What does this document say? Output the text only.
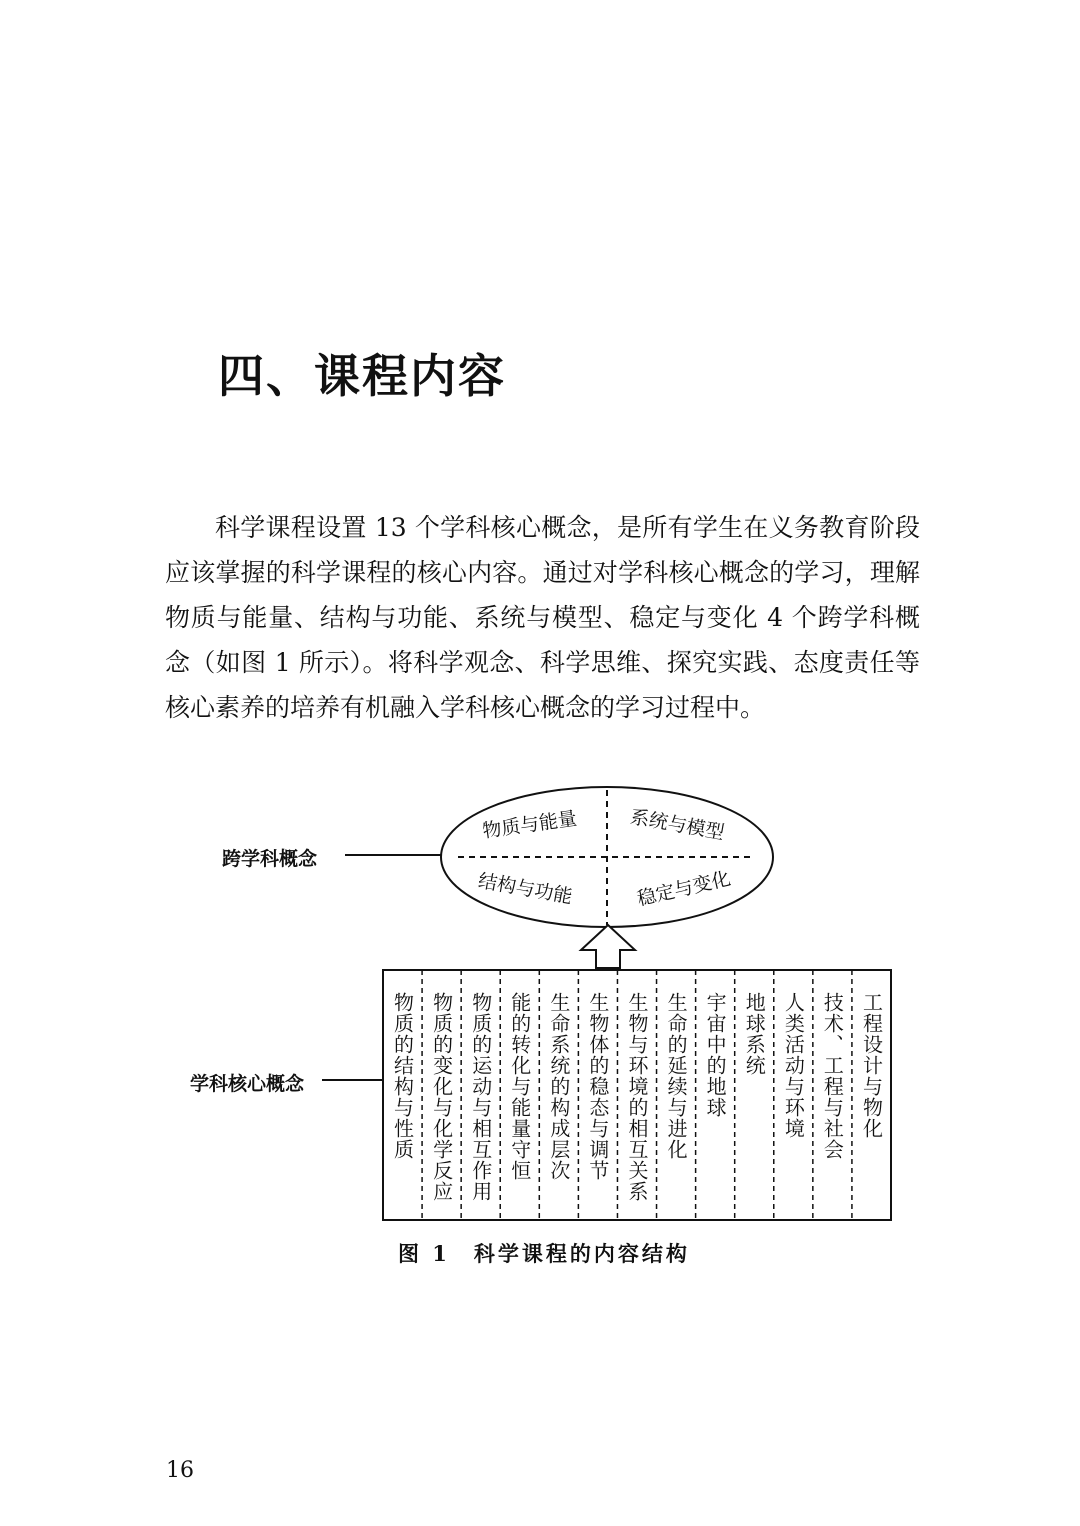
四、课程内容

科学课程设置 13 个学科核心概念，是所有学生在义务教育阶段应该掌握的科学课程的核心内容。通过对学科核心概念的学习，理解物质与能量、结构与功能、系统与模型、稳定与变化 4 个跨学科概念（如图 1 所示）。将科学观念、科学思维、探究实践、态度责任等核心素养的培养有机融入学科核心概念的学习过程中。

跨学科概念
学科核心概念
物质与能量	系统与模型
结构与功能	稳定与变化
物质的结构与性质 物质的变化与化学反应 物质的运动与相互作用 能的转化与能量守恒 生命系统的构成层次 生物体的稳态与调节 生物与环境的相互关系 生命的延续与进化 宇宙中的地球 地球系统 人类活动与环境 技术、工程与社会 工程设计与物化
图 1　科学课程的内容结构
16
